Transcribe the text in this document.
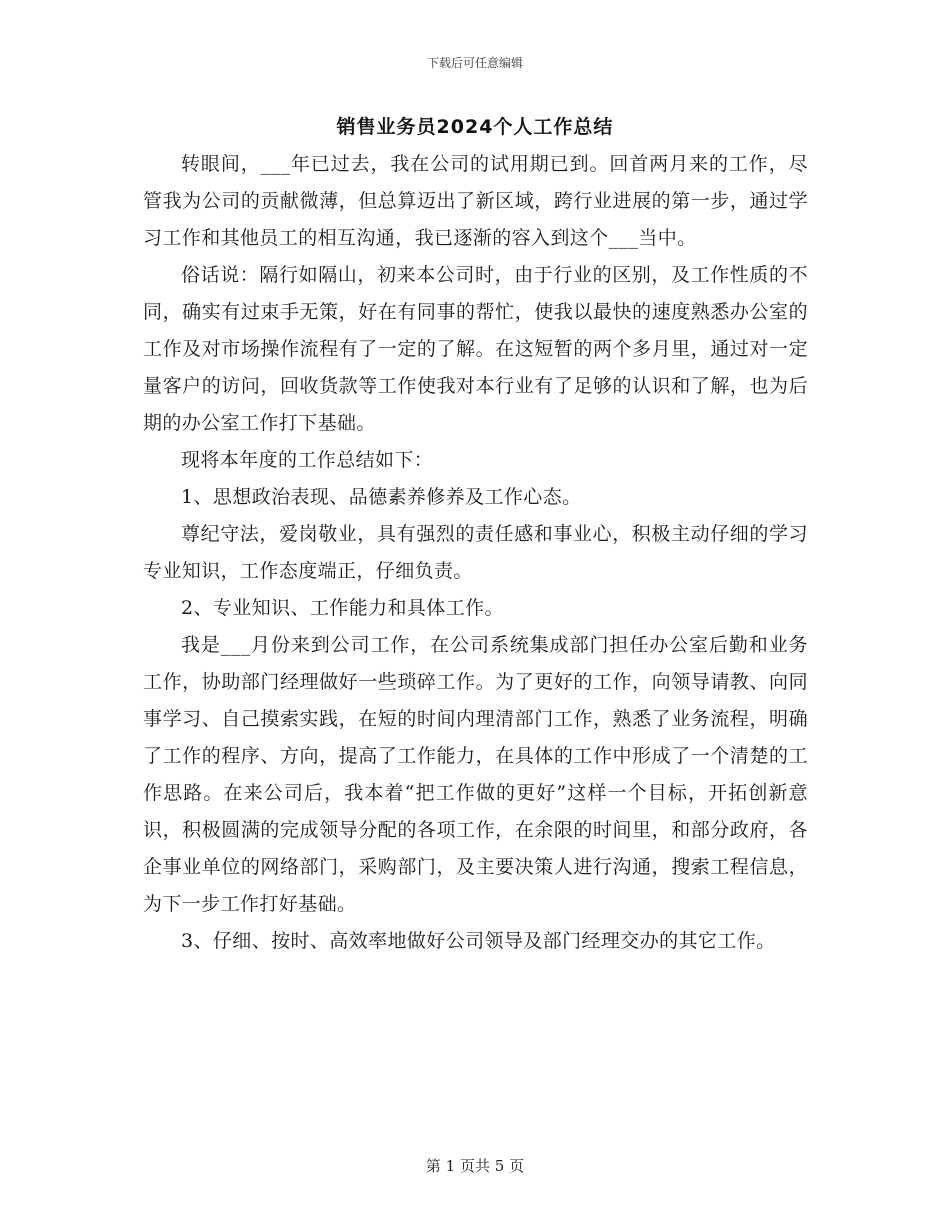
下载后可任意编辑
销售业务员2024个人工作总结

转眼间，___年已过去，我在公司的试用期已到。回首两月来的工作，尽管我为公司的贡献微薄，但总算迈出了新区域，跨行业进展的第一步，通过学习工作和其他员工的相互沟通，我已逐渐的容入到这个___当中。

俗话说：隔行如隔山，初来本公司时，由于行业的区别，及工作性质的不同，确实有过束手无策，好在有同事的帮忙，使我以最快的速度熟悉办公室的工作及对市场操作流程有了一定的了解。在这短暂的两个多月里，通过对一定量客户的访问，回收货款等工作使我对本行业有了足够的认识和了解，也为后期的办公室工作打下基础。

现将本年度的工作总结如下：

1、思想政治表现、品德素养修养及工作心态。

尊纪守法，爱岗敬业，具有强烈的责任感和事业心，积极主动仔细的学习专业知识，工作态度端正，仔细负责。

2、专业知识、工作能力和具体工作。

我是___月份来到公司工作，在公司系统集成部门担任办公室后勤和业务工作，协助部门经理做好一些琐碎工作。为了更好的工作，向领导请教、向同事学习、自己摸索实践，在短的时间内理清部门工作，熟悉了业务流程，明确了工作的程序、方向，提高了工作能力，在具体的工作中形成了一个清楚的工作思路。在来公司后，我本着“把工作做的更好”这样一个目标，开拓创新意识，积极圆满的完成领导分配的各项工作，在余限的时间里，和部分政府，各企事业单位的网络部门，采购部门，及主要决策人进行沟通，搜索工程信息，为下一步工作打好基础。

3、仔细、按时、高效率地做好公司领导及部门经理交办的其它工作。

第 1 页共 5 页
